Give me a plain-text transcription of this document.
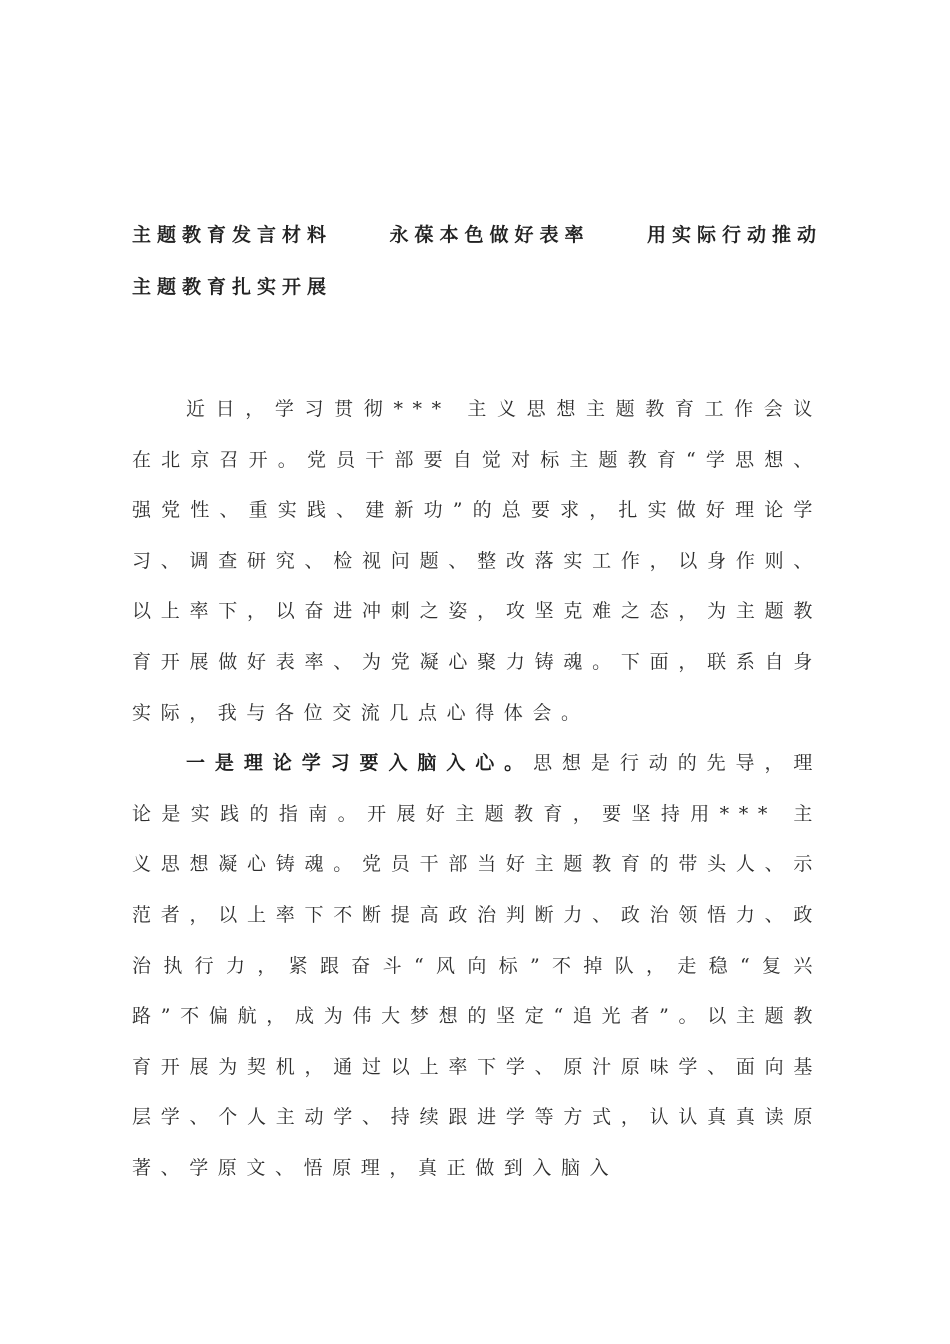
主题教育发言材料	永葆本色做好表率	用实际行动推动
主题教育扎实开展

近日，学习贯彻*** 主义思想主题教育工作会议在北京召开。党员干部要自觉对标主题教育“学思想、强党性、重实践、建新功”的总要求，扎实做好理论学习、调查研究、检视问题、整改落实工作，以身作则、以上率下，以奋进冲刺之姿，攻坚克难之态，为主题教育开展做好表率、为党凝心聚力铸魂。下面，联系自身实际，我与各位交流几点心得体会。

一是理论学习要入脑入心。思想是行动的先导，理论是实践的指南。开展好主题教育，要坚持用*** 主义思想凝心铸魂。党员干部当好主题教育的带头人、示范者，以上率下不断提高政治判断力、政治领悟力、政治执行力，紧跟奋斗“风向标”不掉队，走稳“复兴路”不偏航，成为伟大梦想的坚定“追光者”。以主题教育开展为契机，通过以上率下学、原汁原味学、面向基层学、个人主动学、持续跟进学等方式，认认真真读原著、学原文、悟原理，真正做到入脑入
